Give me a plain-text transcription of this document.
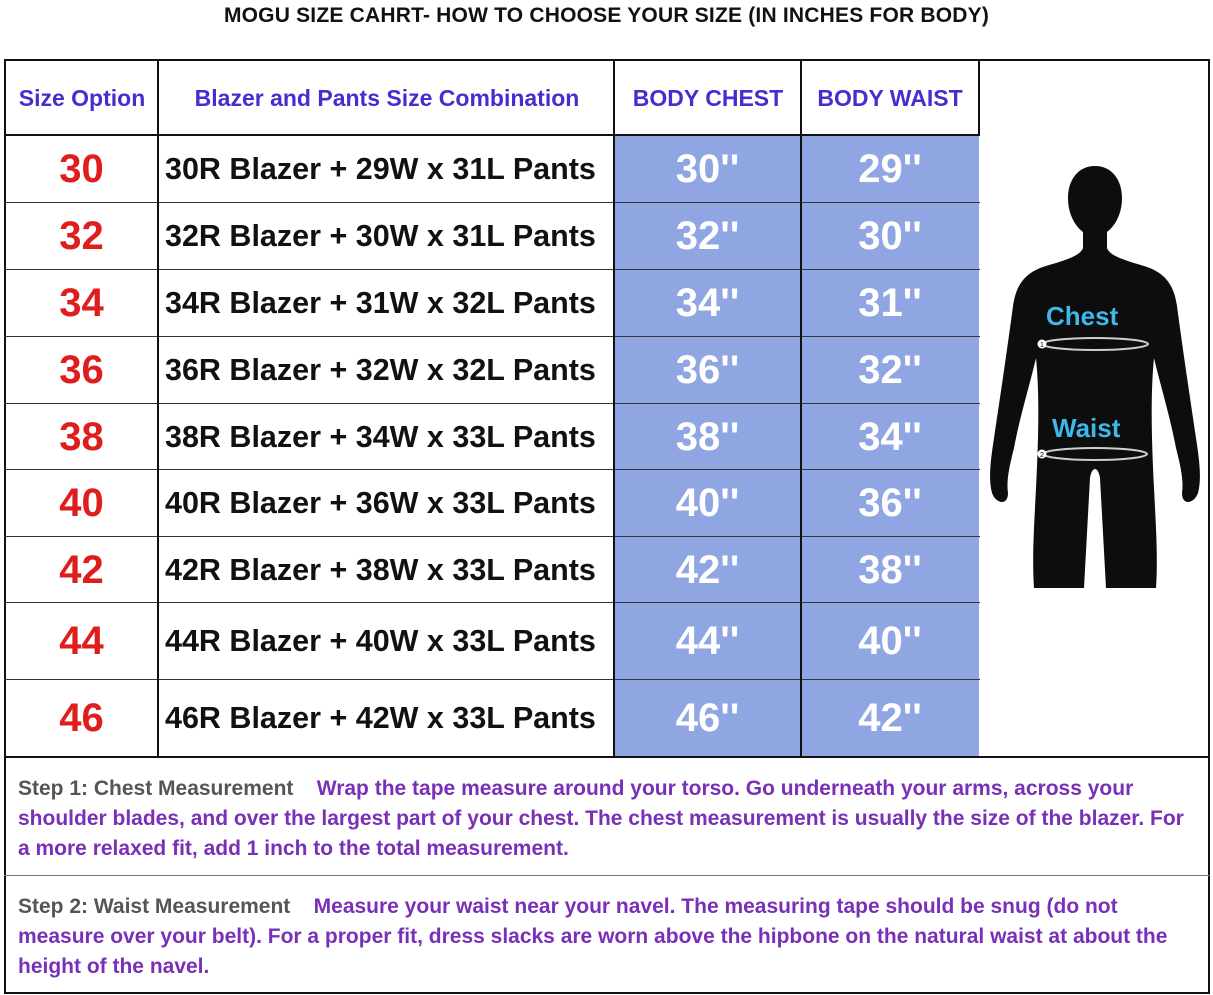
MOGU SIZE CAHRT- HOW TO CHOOSE YOUR SIZE (IN INCHES FOR BODY)
Size Option	Blazer and Pants Size Combination	BODY CHEST	BODY WAIST
30	30R Blazer + 29W x 31L Pants	30''	29''
32	32R Blazer + 30W x 31L Pants	32''	30''
34	34R Blazer + 31W x 32L Pants	34''	31''
36	36R Blazer + 32W x 32L Pants	36''	32''
38	38R Blazer + 34W x 33L Pants	38''	34''
40	40R Blazer + 36W x 33L Pants	40''	36''
42	42R Blazer + 38W x 33L Pants	42''	38''
44	44R Blazer + 40W x 33L Pants	44''	40''
46	46R Blazer + 42W x 33L Pants	46''	42''
1
2
Chest
Waist
Step 1: Chest Measurement Wrap the tape measure around your torso. Go underneath your arms, across your shoulder blades, and over the largest part of your chest. The chest measurement is usually the size of the blazer. For a more relaxed fit, add 1 inch to the total measurement.
Step 2: Waist Measurement Measure your waist near your navel. The measuring tape should be snug (do not measure over your belt). For a proper fit, dress slacks are worn above the hipbone on the natural waist at about the height of the navel.
